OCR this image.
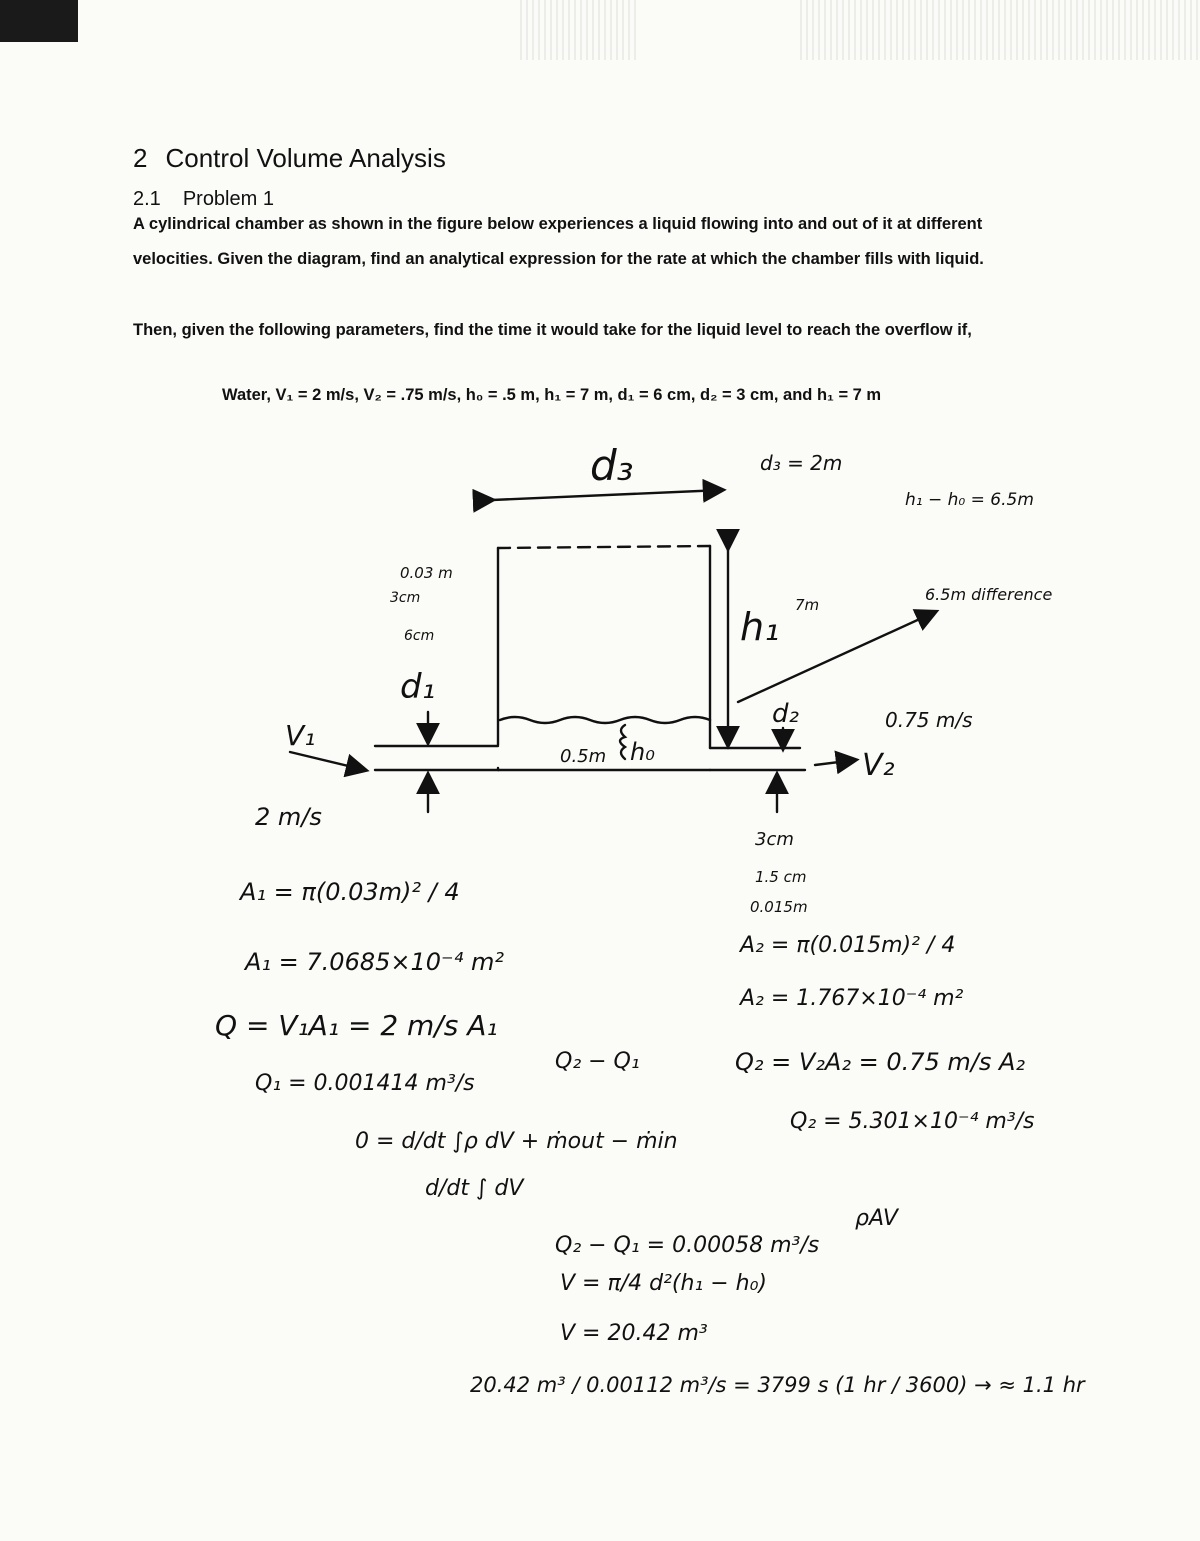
2 Control Volume Analysis
2.1 Problem 1
A cylindrical chamber as shown in the figure below experiences a liquid flowing into and out of it at different velocities. Given the diagram, find an analytical expression for the rate at which the chamber fills with liquid.
Then, given the following parameters, find the time it would take for the liquid level to reach the overflow if,
Water, V₁ = 2 m/s, V₂ = .75 m/s, h₀ = .5 m, h₁ = 7 m, d₁ = 6 cm, d₂ = 3 cm, and h₁ = 7 m
d₃	d₃ = 2m
h₁ − h₀ = 6.5m
h₁ 7m
6.5m difference
0.03 m
3cm
6cm
d₁
V₁
2 m/s
0.5m h₀
d₂	0.75 m/s
V₂
3cm
1.5 cm
0.015m
A₁ = π(0.03m)² / 4
A₁ = 7.0685×10⁻⁴ m²
Q = V₁A₁ = 2 m/s A₁
Q₁ = 0.001414 m³/s
Q₂ − Q₁
0 = d/dt ∫ρ dV + ṁout − ṁin
d/dt ∫ dV
A₂ = π(0.015m)² / 4
A₂ = 1.767×10⁻⁴ m²
Q₂ = V₂A₂ = 0.75 m/s A₂
Q₂ = 5.301×10⁻⁴ m³/s
ρAV
Q₂ − Q₁ = 0.00058 m³/s
V = π/4 d²(h₁ − h₀)
V = 20.42 m³
20.42 m³ / 0.00112 m³/s = 3799 s (1 hr / 3600) → ≈ 1.1 hr
